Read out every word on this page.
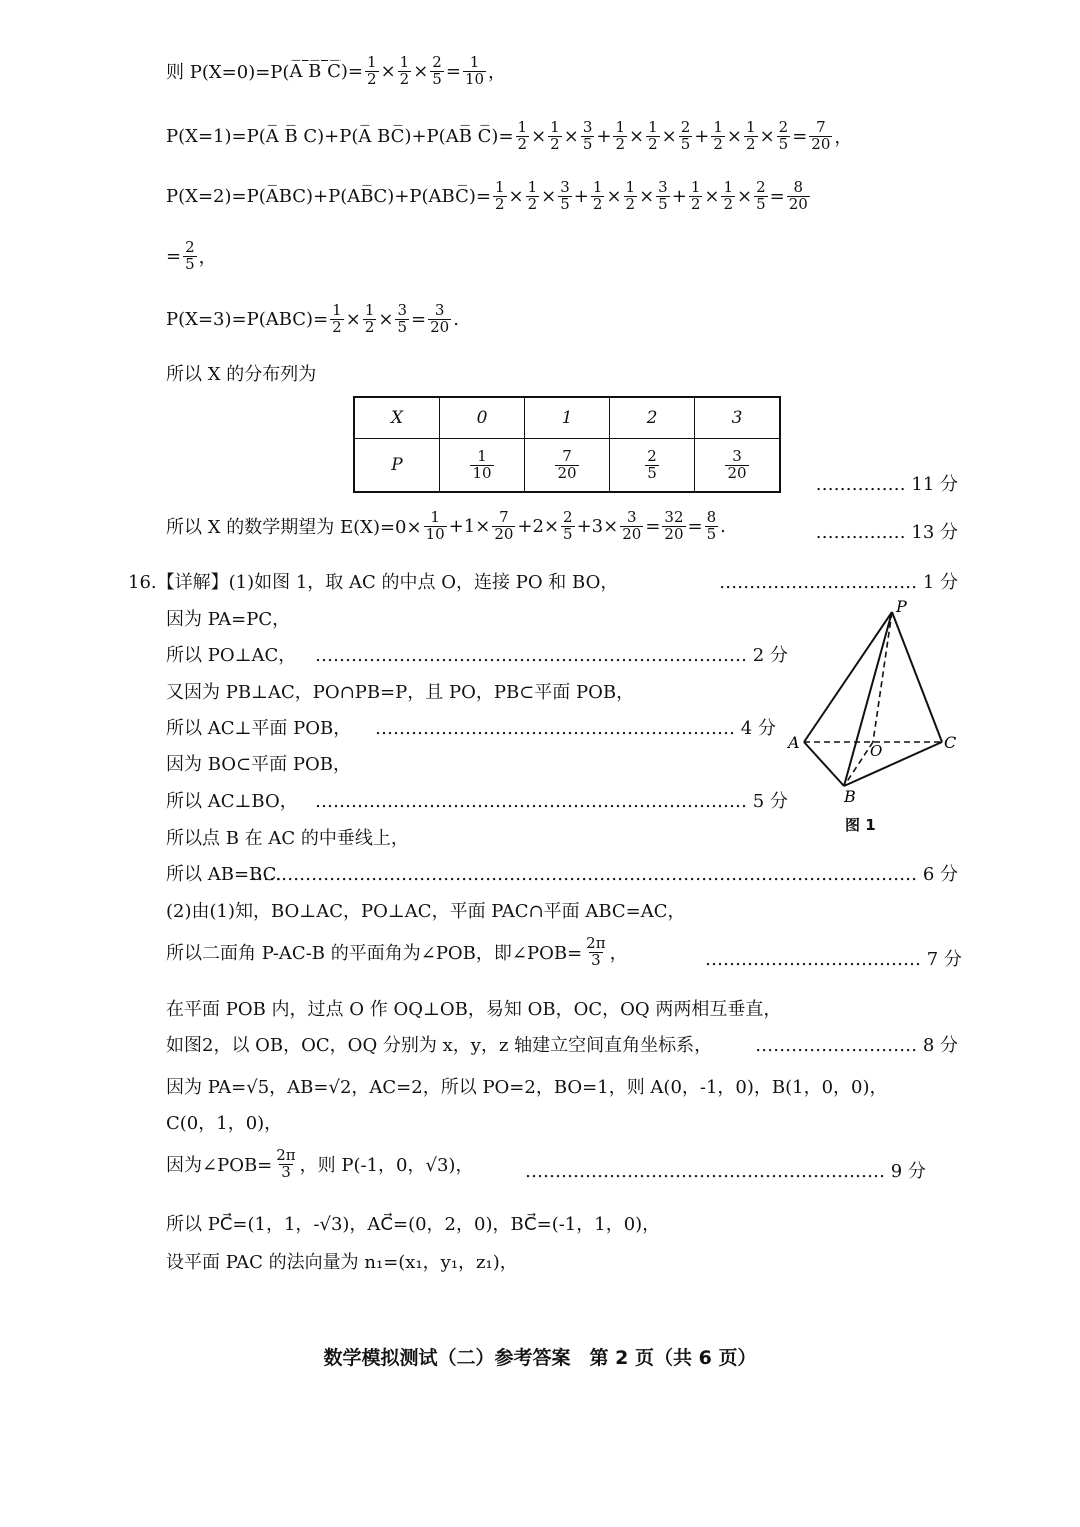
则 P(X=0)=P( A̅ B̅ C̅ )= $\frac{1}{2} \times 1$
2 × 2
5 = 1
10 ，
P(X=1)=P(A̅ B̅ C)+P(A̅ BC̅)+P(AB̅ C̅)= $\frac{1}{2} \times 1$
2 × 3
5 + 1
2 × 1
2 × 2
5 + 1
2 × 1
2 × 2
5 = 7
20 ，
P(X=2)=P(A̅BC)+P(AB̅C)+P(ABC̅)= $\frac{1}{2} \times 1$
2 × 3
5 + 1
2 × 1
2 × 3
5 + 1
2 × 1
2 × 2
5 = 8
20
= $\frac{2}{5}$ ，
$P(X=3)=P(ABC)= \frac{1}{2} \times 1$
2 × 3
5 = 3
20 .
所以 X 的分布列为
X	0	1	2	3
P	$\frac{1}{10}$	$\frac{7}{20}$	$\frac{2}{5}$	$\frac{3}{20}$
…………… 11 分
所以 X 的数学期望为 $E(X)=0\times \frac{1}{10} +1\times 7$
20 +2× 2
5 +3× 3
20 = 32
20 = 8
5 .	…………… 13 分
16.【详解】(1)如图 1，取 AC 的中点 O，连接 PO 和 BO，	…………………………… 1 分
因为 PA=PC，
所以 PO⊥AC， ……………………………………………………………… 2 分
又因为 PB⊥AC，PO∩PB=P，且 PO，PB⊂平面 POB，
所以 AC⊥平面 POB， …………………………………………………… 4 分
因为 BO⊂平面 POB，
所以 AC⊥BO， ……………………………………………………………… 5 分
所以点 B 在 AC 的中垂线上，
所以 AB=BC.
………………………………………………………………………………………………… 6 分
(2)由(1)知，BO⊥AC，PO⊥AC，平面 PAC∩平面 ABC=AC，
所以二面角 P-AC-B 的平面角为∠POB，即∠POB= $\frac{2\pi}{3}$ ，	……………………………… 7 分
在平面 POB 内，过点 O 作 OQ⊥OB，易知 OB，OC，OQ 两两相互垂直，
如图2，以 OB，OC，OQ 分别为 x，y，z 轴建立空间直角坐标系， ……………………… 8 分
因为 PA=√5，AB=√2，AC=2，所以 PO=2，BO=1，则 A(0，-1，0)，B(1，0，0)，
C(0，1，0)，
因为∠POB= $\frac{2\pi}{3}$ ，则 P(-1，0，√3)，	…………………………………………………… 9 分
所以 PC⃗=(1，1，-√3)，AC⃗=(0，2，0)，BC⃗=(-1，1，0)，
设平面 PAC 的法向量为 n₁=(x₁，y₁，z₁)，
P
A	C
B
O
图 1
数学模拟测试（二）参考答案　第 2 页（共 6 页）
